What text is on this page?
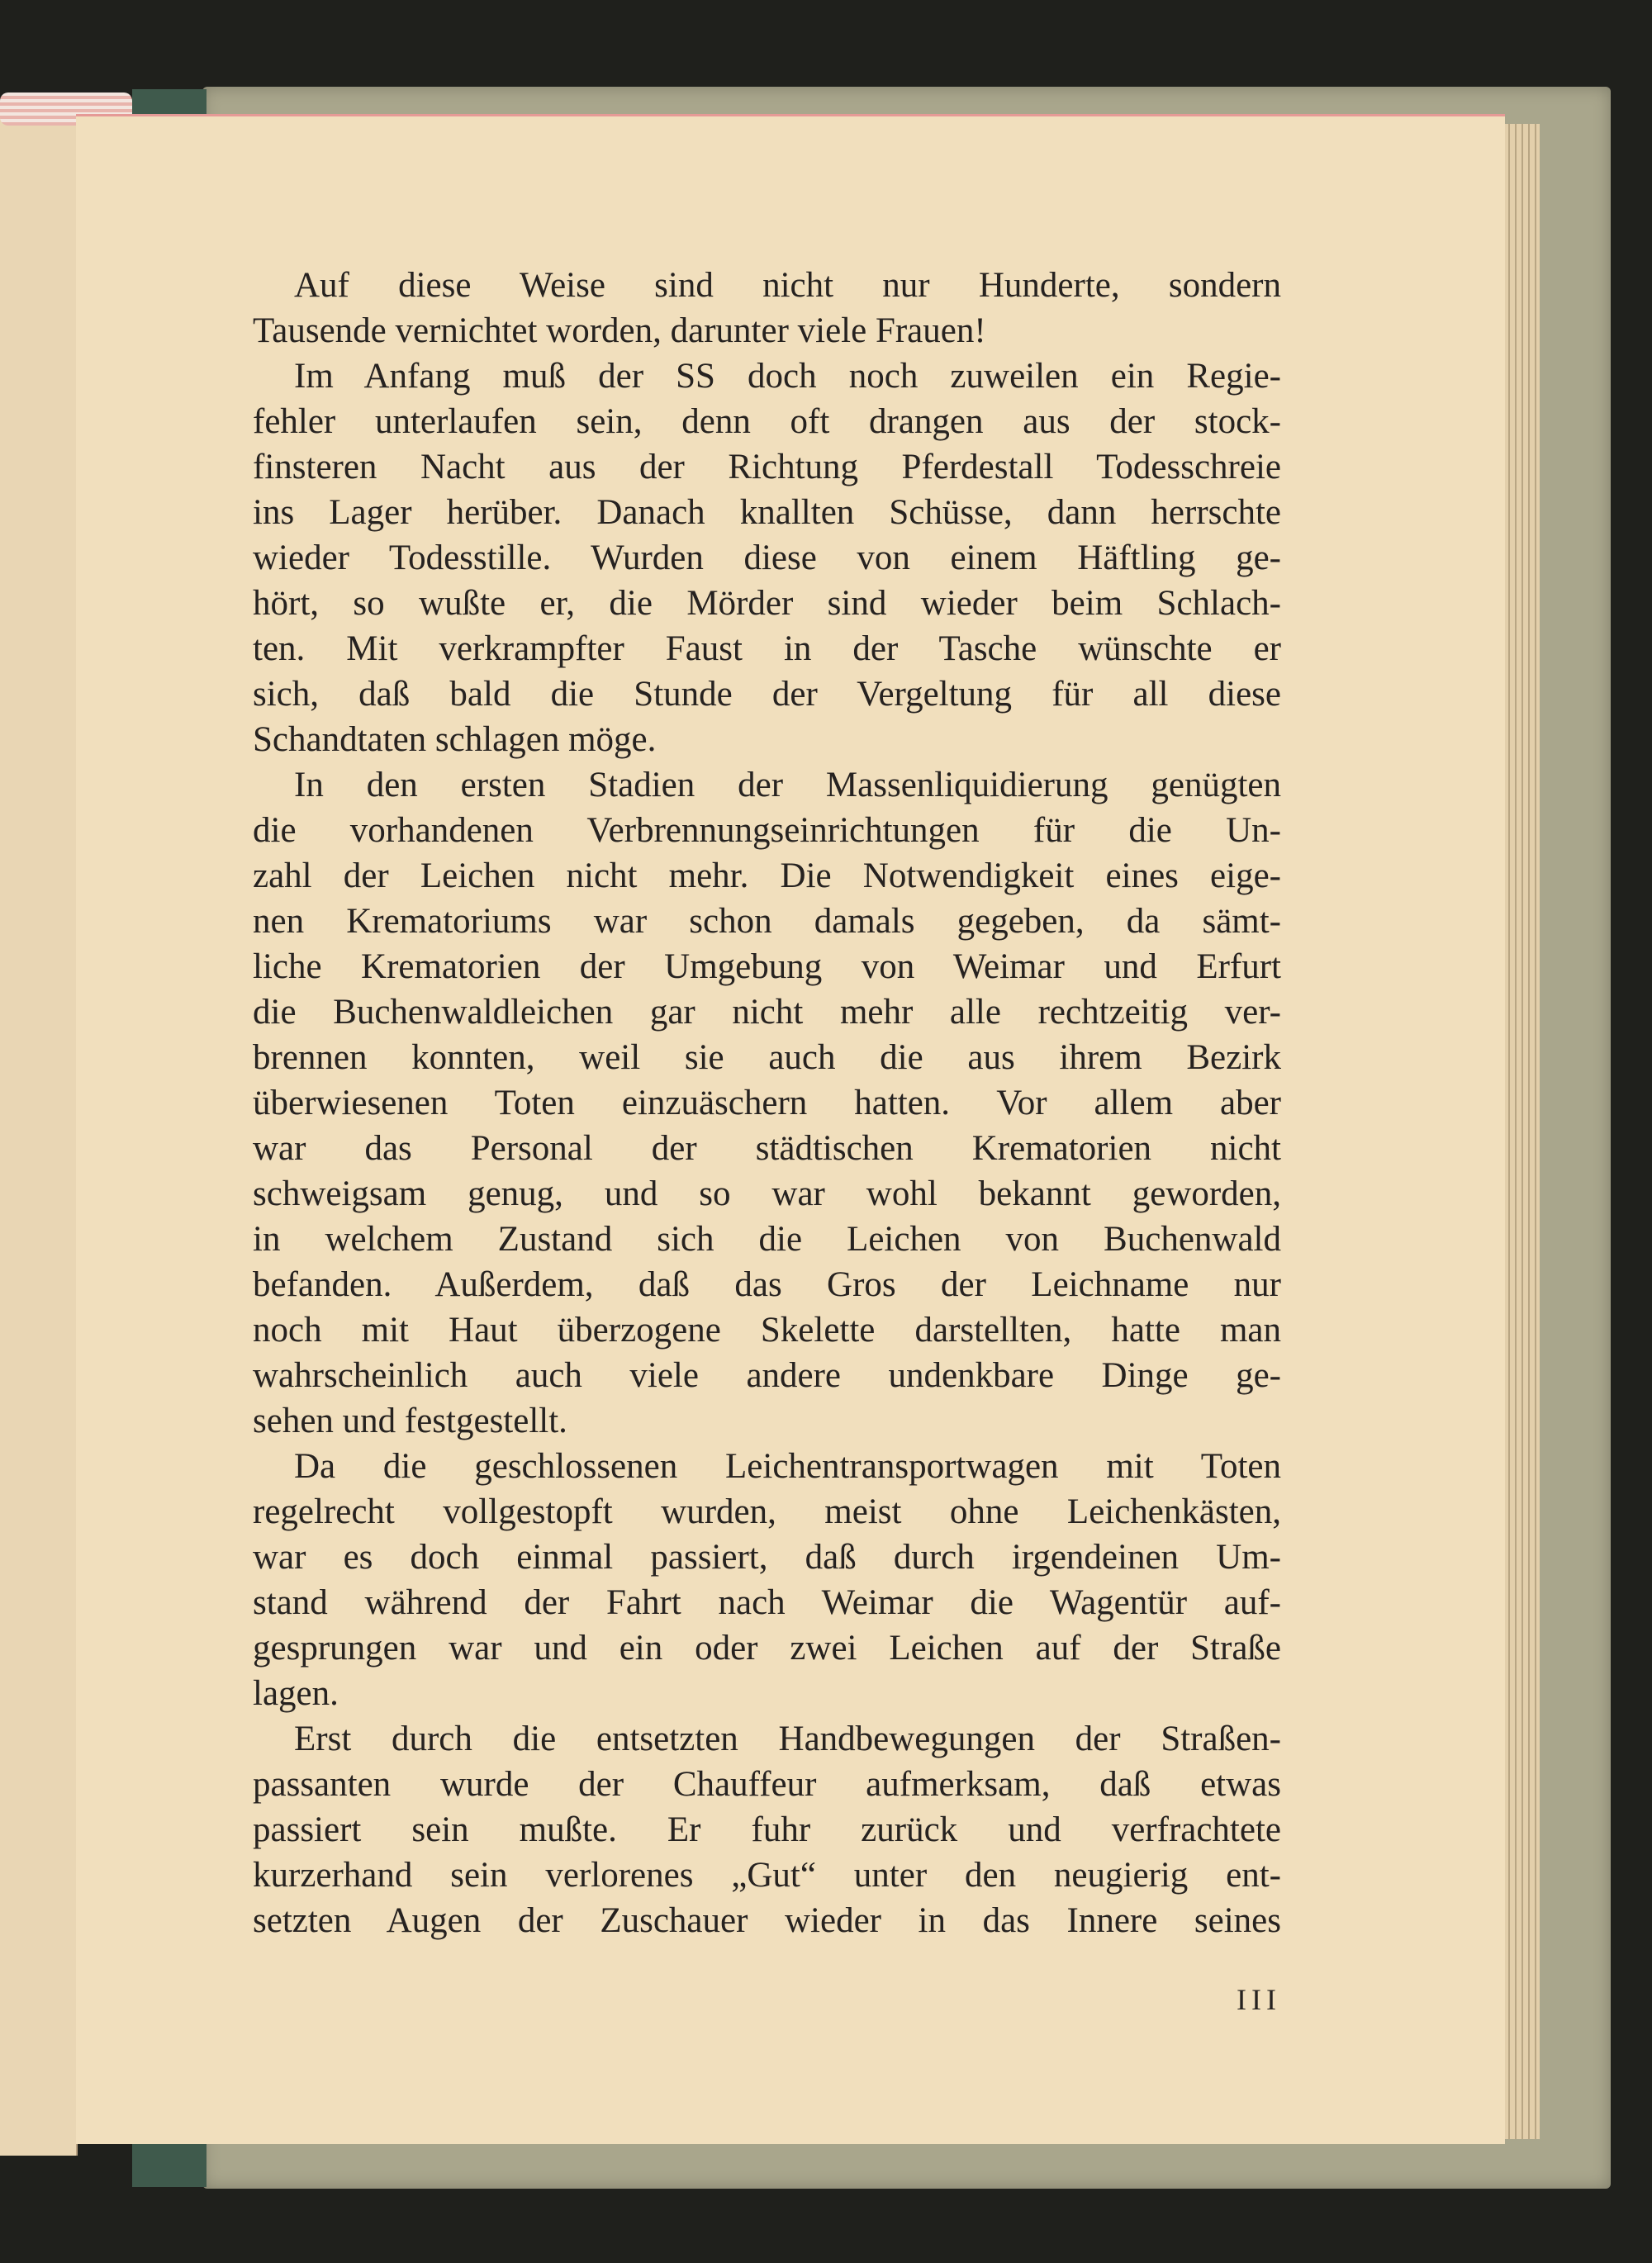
Auf diese Weise sind nicht nur Hunderte, sondern
Tausende vernichtet worden, darunter viele Frauen!
Im Anfang muß der SS doch noch zuweilen ein Regie-
fehler unterlaufen sein, denn oft drangen aus der stock-
finsteren Nacht aus der Richtung Pferdestall Todesschreie
ins Lager herüber. Danach knallten Schüsse, dann herrschte
wieder Todesstille. Wurden diese von einem Häftling ge-
hört, so wußte er, die Mörder sind wieder beim Schlach-
ten. Mit verkrampfter Faust in der Tasche wünschte er
sich, daß bald die Stunde der Vergeltung für all diese
Schandtaten schlagen möge.
In den ersten Stadien der Massenliquidierung genügten
die vorhandenen Verbrennungseinrichtungen für die Un-
zahl der Leichen nicht mehr. Die Notwendigkeit eines eige-
nen Krematoriums war schon damals gegeben, da sämt-
liche Krematorien der Umgebung von Weimar und Erfurt
die Buchenwaldleichen gar nicht mehr alle rechtzeitig ver-
brennen konnten, weil sie auch die aus ihrem Bezirk
überwiesenen Toten einzuäschern hatten. Vor allem aber
war das Personal der städtischen Krematorien nicht
schweigsam genug, und so war wohl bekannt geworden,
in welchem Zustand sich die Leichen von Buchenwald
befanden. Außerdem, daß das Gros der Leichname nur
noch mit Haut überzogene Skelette darstellten, hatte man
wahrscheinlich auch viele andere undenkbare Dinge ge-
sehen und festgestellt.
Da die geschlossenen Leichentransportwagen mit Toten
regelrecht vollgestopft wurden, meist ohne Leichenkästen,
war es doch einmal passiert, daß durch irgendeinen Um-
stand während der Fahrt nach Weimar die Wagentür auf-
gesprungen war und ein oder zwei Leichen auf der Straße
lagen.
Erst durch die entsetzten Handbewegungen der Straßen-
passanten wurde der Chauffeur aufmerksam, daß etwas
passiert sein mußte. Er fuhr zurück und verfrachtete
kurzerhand sein verlorenes „Gut“ unter den neugierig ent-
setzten Augen der Zuschauer wieder in das Innere seines
III
